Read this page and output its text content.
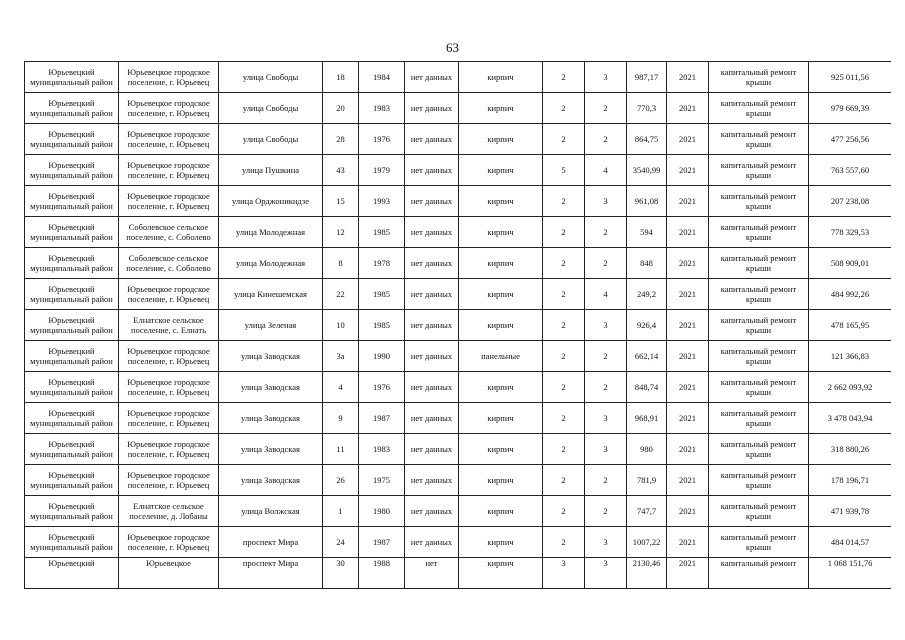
63
Юрьевецкий муниципальный район	Юрьевецкое городское поселение, г. Юрьевец	улица Свободы	18	1984	нет данных	кирпич	2	3	987,17	2021	капитальный ремонт крыши	925 011,56
Юрьевецкий муниципальный район	Юрьевецкое городское поселение, г. Юрьевец	улица Свободы	20	1983	нет данных	кирпич	2	2	770,3	2021	капитальный ремонт крыши	979 669,39
Юрьевецкий муниципальный район	Юрьевецкое городское поселение, г. Юрьевец	улица Свободы	28	1976	нет данных	кирпич	2	2	864,75	2021	капитальный ремонт крыши	477 256,56
Юрьевецкий муниципальный район	Юрьевецкое городское поселение, г. Юрьевец	улица Пушкина	43	1979	нет данных	кирпич	5	4	3540,99	2021	капитальный ремонт крыши	763 557,60
Юрьевецкий муниципальный район	Юрьевецкое городское поселение, г. Юрьевец	улица Орджоникидзе	15	1993	нет данных	кирпич	2	3	961,08	2021	капитальный ремонт крыши	207 238,08
Юрьевецкий муниципальный район	Соболевское сельское поселение, с. Соболево	улица Молодежная	12	1985	нет данных	кирпич	2	2	594	2021	капитальный ремонт крыши	778 329,53
Юрьевецкий муниципальный район	Соболевское сельское поселение, с. Соболево	улица Молодежная	8	1978	нет данных	кирпич	2	2	848	2021	капитальный ремонт крыши	508 909,01
Юрьевецкий муниципальный район	Юрьевецкое городское поселение, г. Юрьевец	улица Кинешемская	22	1985	нет данных	кирпич	2	4	249,2	2021	капитальный ремонт крыши	484 992,26
Юрьевецкий муниципальный район	Елнатское сельское поселение, с. Елнать	улица Зеленая	10	1985	нет данных	кирпич	2	3	926,4	2021	капитальный ремонт крыши	478 165,95
Юрьевецкий муниципальный район	Юрьевецкое городское поселение, г. Юрьевец	улица Заводская	3а	1990	нет данных	панельные	2	2	662,14	2021	капитальный ремонт крыши	121 366,83
Юрьевецкий муниципальный район	Юрьевецкое городское поселение, г. Юрьевец	улица Заводская	4	1976	нет данных	кирпич	2	2	848,74	2021	капитальный ремонт крыши	2 662 093,92
Юрьевецкий муниципальный район	Юрьевецкое городское поселение, г. Юрьевец	улица Заводская	9	1987	нет данных	кирпич	2	3	968,91	2021	капитальный ремонт крыши	3 478 043,94
Юрьевецкий муниципальный район	Юрьевецкое городское поселение, г. Юрьевец	улица Заводская	11	1983	нет данных	кирпич	2	3	980	2021	капитальный ремонт крыши	318 880,26
Юрьевецкий муниципальный район	Юрьевецкое городское поселение, г. Юрьевец	улица Заводская	26	1975	нет данных	кирпич	2	2	781,9	2021	капитальный ремонт крыши	178 196,71
Юрьевецкий муниципальный район	Елнатское сельское поселение, д. Лобаны	улица Волжская	1	1980	нет данных	кирпич	2	2	747,7	2021	капитальный ремонт крыши	471 939,78
Юрьевецкий муниципальный район	Юрьевецкое городское поселение, г. Юрьевец	проспект Мира	24	1987	нет данных	кирпич	2	3	1007,22	2021	капитальный ремонт крыши	484 014,57
Юрьевецкий	Юрьевецкое	проспект Мира	30	1988	нет	кирпич	3	3	2130,46	2021	капитальный ремонт	1 068 151,76
